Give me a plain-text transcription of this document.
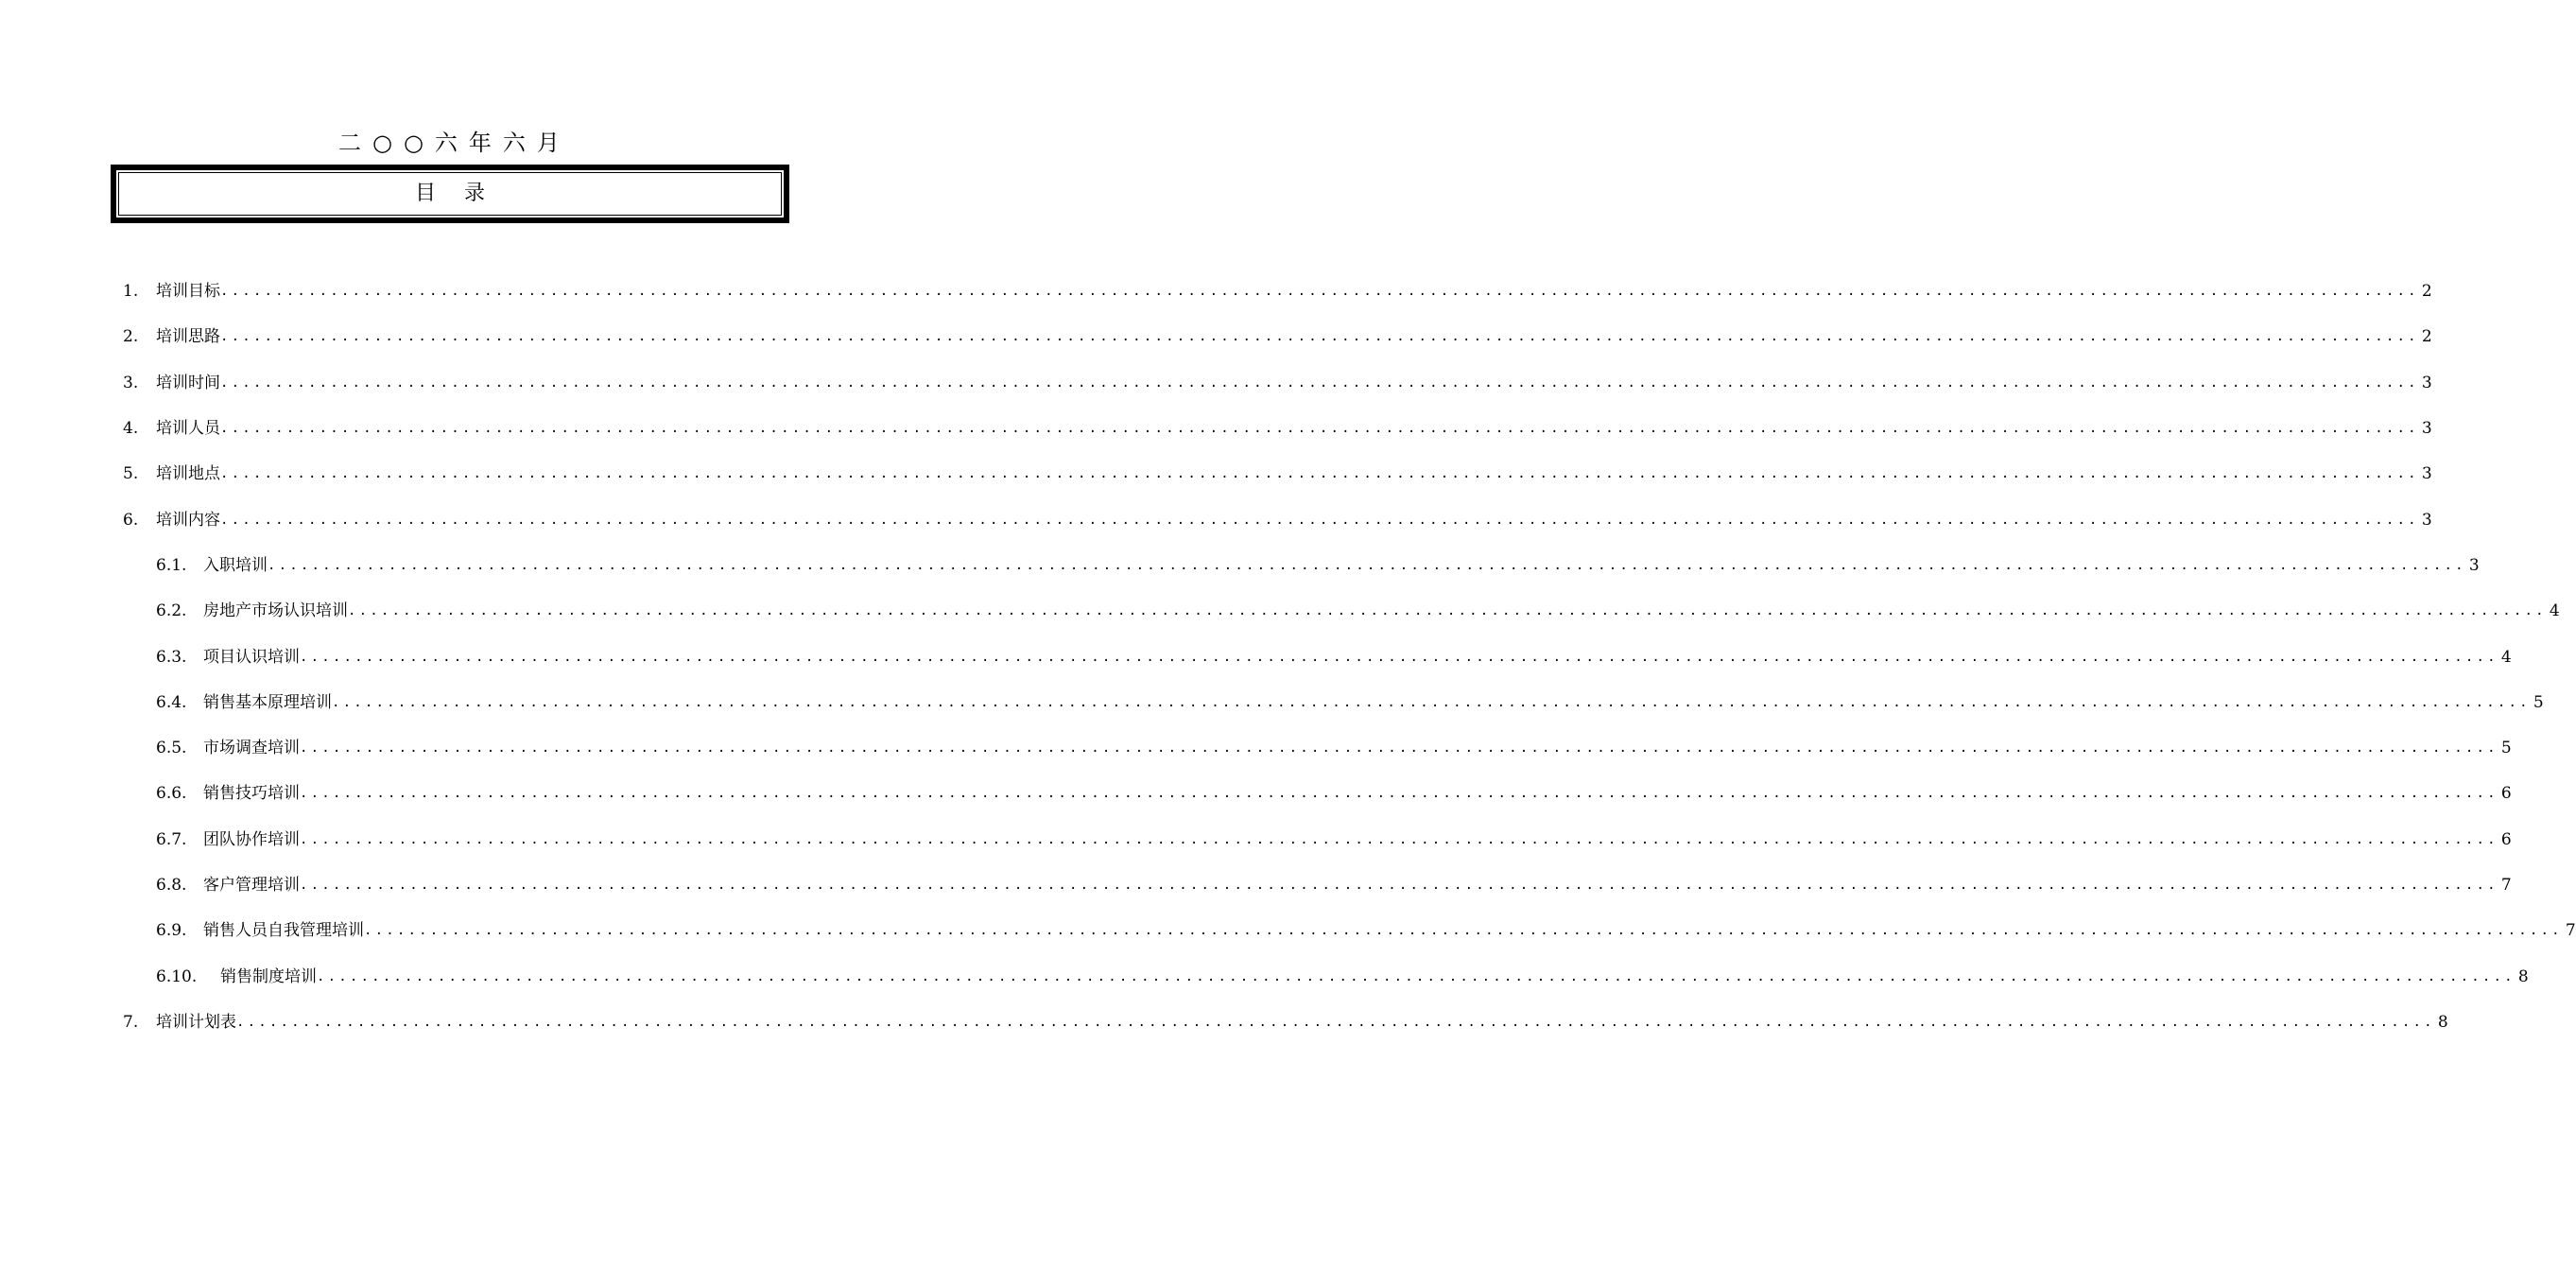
二○○六年六月
目录
1.	培训目标 ........................................................................................................................................................................................................ 2
2.	培训思路 ........................................................................................................................................................................................................ 2
3.	培训时间 ........................................................................................................................................................................................................ 3
4.	培训人员 ........................................................................................................................................................................................................ 3
5.	培训地点 ........................................................................................................................................................................................................ 3
6.	培训内容 ........................................................................................................................................................................................................ 3
6.1.	入职培训 ........................................................................................................................................................................................................ 3
6.2.	房地产市场认识培训 ........................................................................................................................................................................................................ 4
6.3.	项目认识培训 ........................................................................................................................................................................................................ 4
6.4.	销售基本原理培训 ........................................................................................................................................................................................................ 5
6.5.	市场调查培训 ........................................................................................................................................................................................................ 5
6.6.	销售技巧培训 ........................................................................................................................................................................................................ 6
6.7.	团队协作培训 ........................................................................................................................................................................................................ 6
6.8.	客户管理培训 ........................................................................................................................................................................................................ 7
6.9.	销售人员自我管理培训 ........................................................................................................................................................................................................ 7
6.10.	销售制度培训 ........................................................................................................................................................................................................ 8
7.	培训计划表 ........................................................................................................................................................................................................ 8
